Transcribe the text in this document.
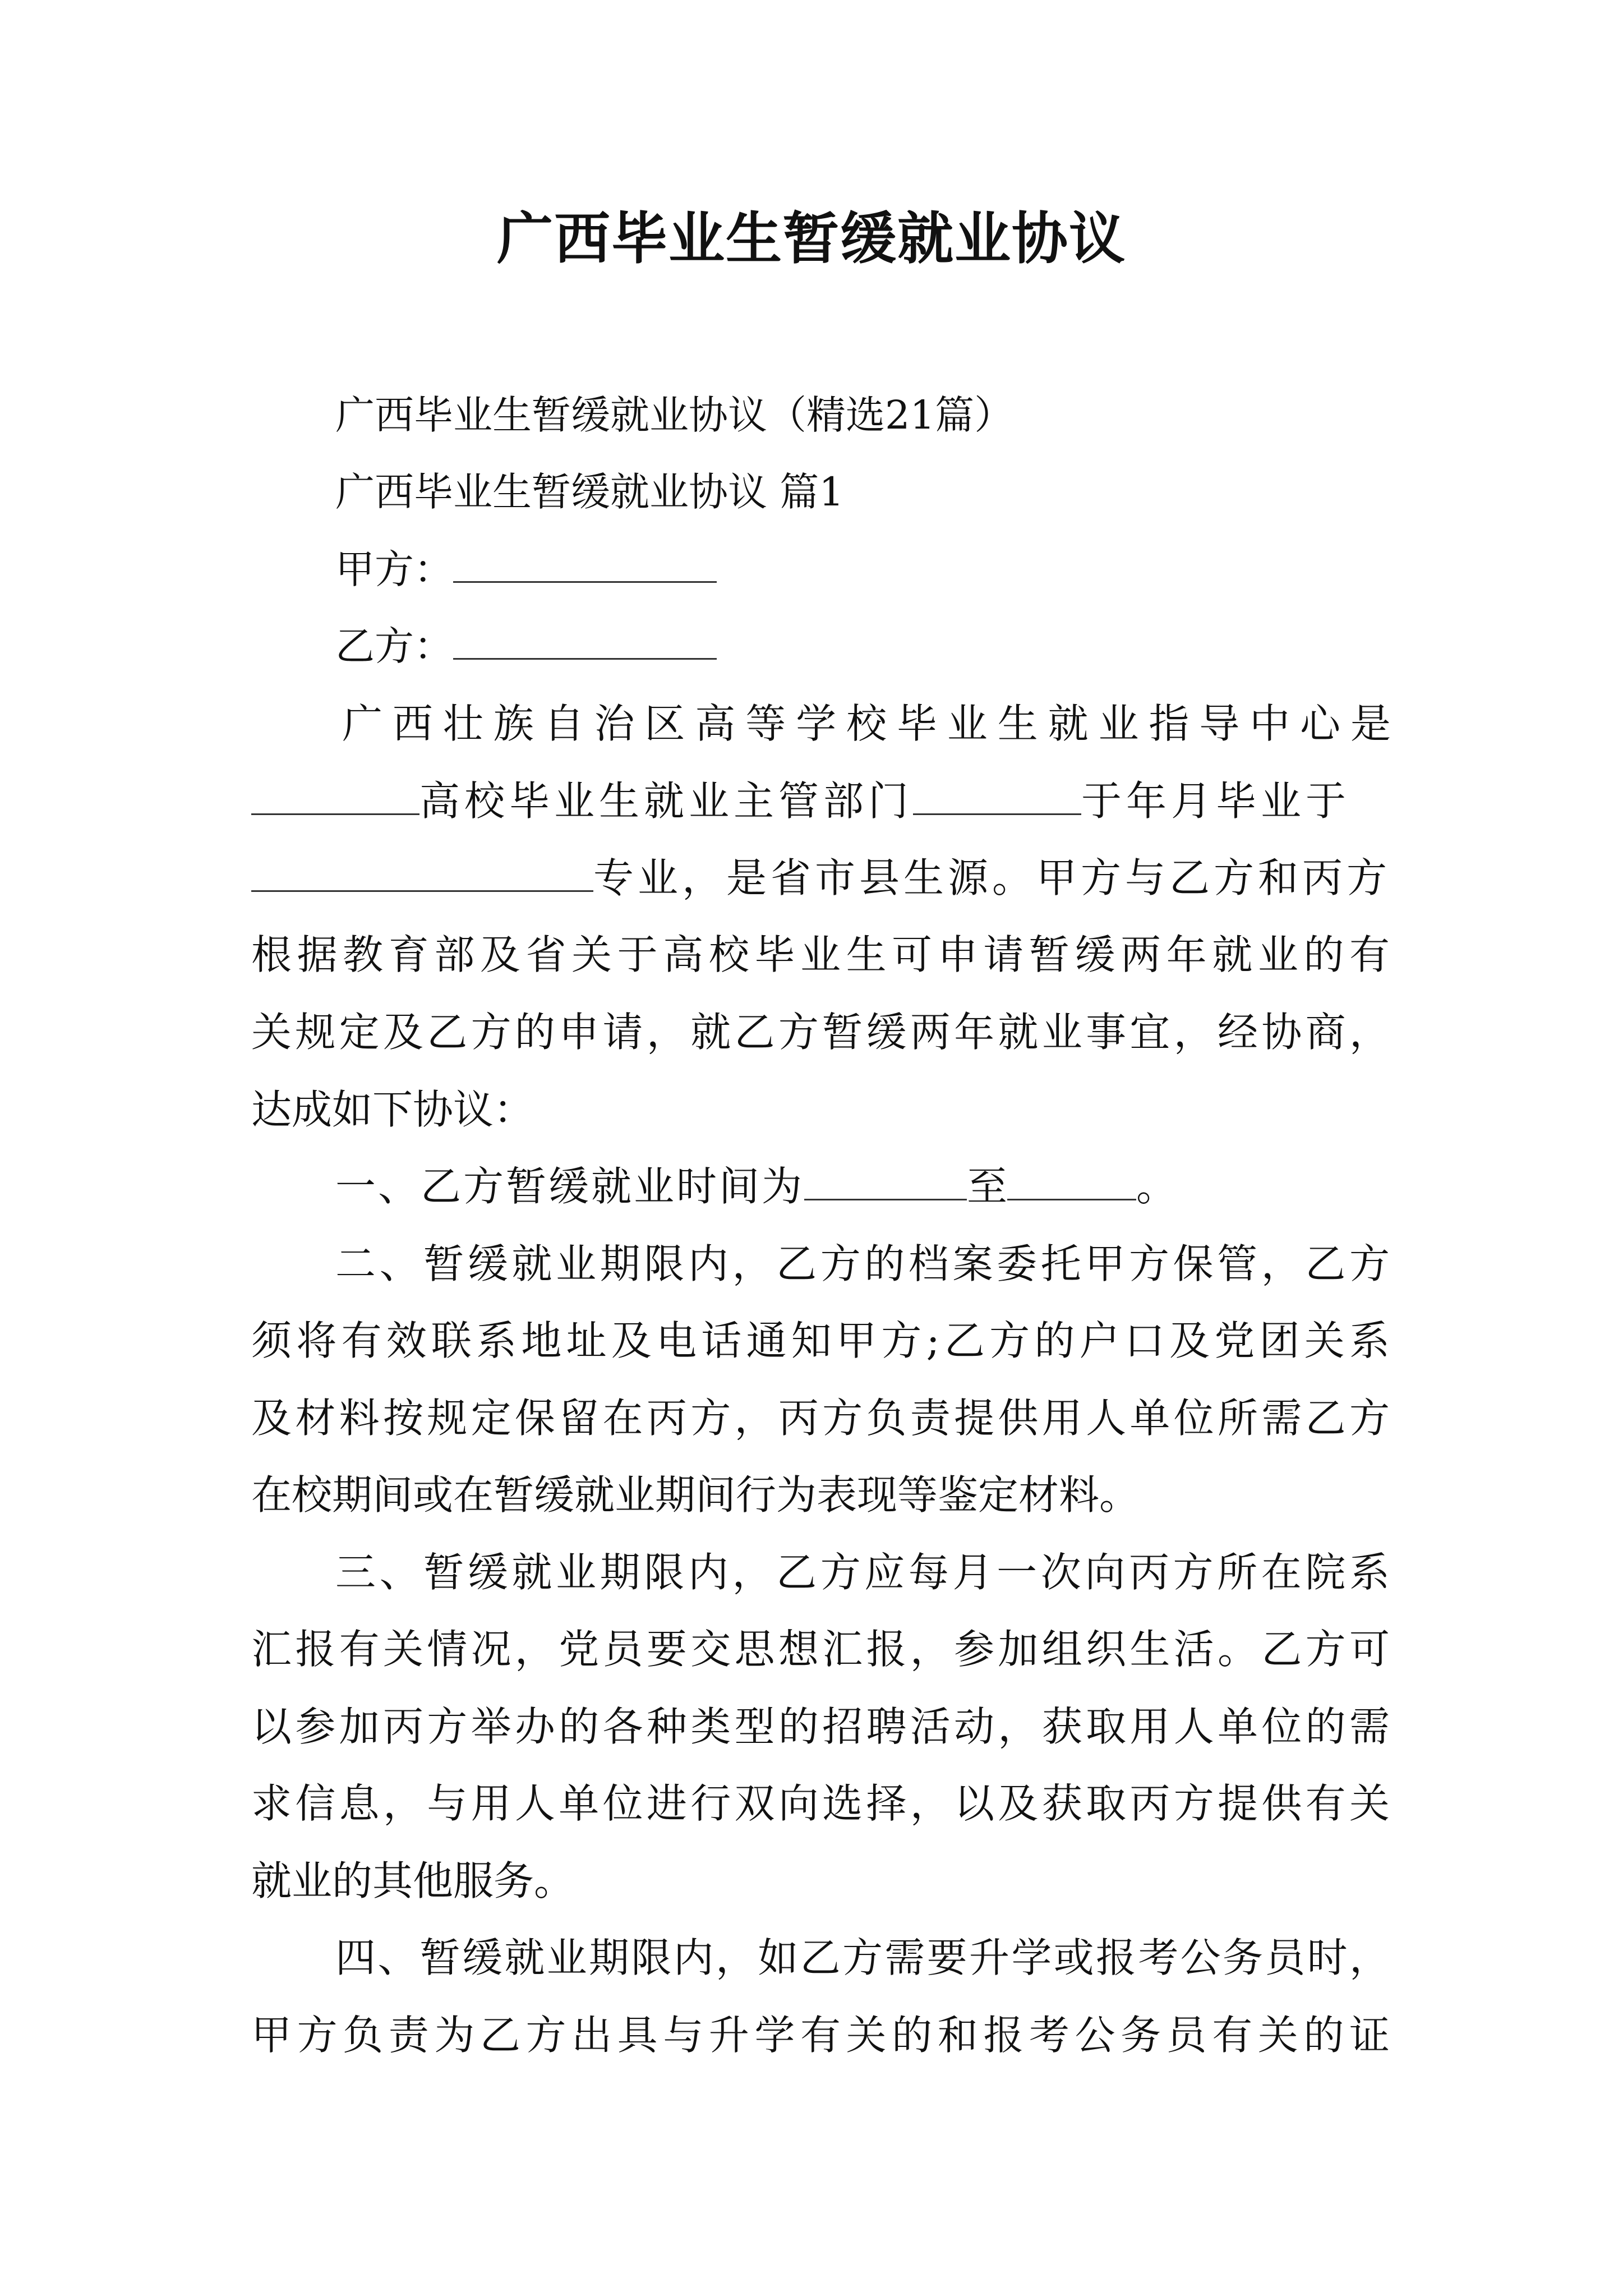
广西毕业生暂缓就业协议
广西毕业生暂缓就业协议（精选21篇）
广西毕业生暂缓就业协议 篇1
甲方：
乙方：
广西壮族自治区高等学校毕业生就业指导中心是
高校毕业生就业主管部门	于年月毕业于
专业，是省市县生源。甲方与乙方和丙方
根据教育部及省关于高校毕业生可申请暂缓两年就业的有
关规定及乙方的申请，就乙方暂缓两年就业事宜，经协商，
达成如下协议：
一、乙方暂缓就业时间为	至	。
二、暂缓就业期限内，乙方的档案委托甲方保管，乙方
须将有效联系地址及电话通知甲方;乙方的户口及党团关系
及材料按规定保留在丙方，丙方负责提供用人单位所需乙方
在校期间或在暂缓就业期间行为表现等鉴定材料。
三、暂缓就业期限内，乙方应每月一次向丙方所在院系
汇报有关情况，党员要交思想汇报，参加组织生活。乙方可
以参加丙方举办的各种类型的招聘活动，获取用人单位的需
求信息，与用人单位进行双向选择，以及获取丙方提供有关
就业的其他服务。
四、暂缓就业期限内，如乙方需要升学或报考公务员时，
甲方负责为乙方出具与升学有关的和报考公务员有关的证
